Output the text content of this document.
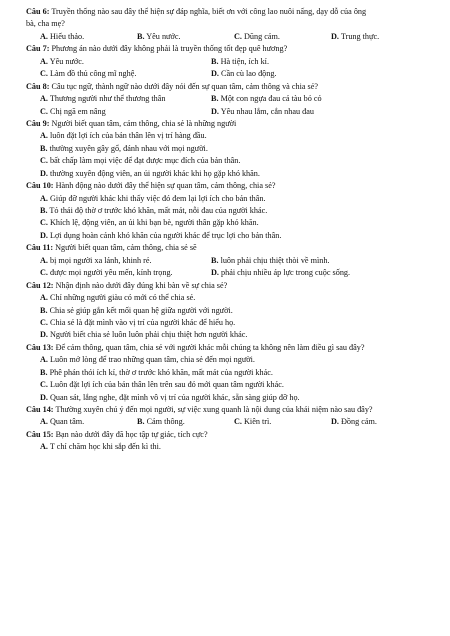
Câu 6: Truyền thống nào sau đây thể hiện sự đáp nghĩa, biết ơn với công lao nuôi nấng, dạy dỗ của ông
bà, cha mẹ?
A. Hiếu thảo.	B. Yêu nước.	C. Dũng cảm.	D. Trung thực.
Câu 7: Phương án nào dưới đây không phải là truyền thống tốt đẹp quê hương?
A. Yêu nước.	B. Hà tiện, ích kỉ.
C. Làm đồ thủ công mĩ nghệ.	D. Cần cù lao động.
Câu 8: Câu tục ngữ, thành ngữ nào dưới đây nói đến sự quan tâm, cảm thông và chia sẻ?
A. Thương người như thể thương thân	B. Một con ngựa đau cả tàu bỏ cỏ
C. Chị ngã em nâng	D. Yêu nhau lắm, cắn nhau đau
Câu 9: Người biết quan tâm, cảm thông, chia sẻ là những người
A. luôn đặt lợi ích của bản thân lên vị trí hàng đầu.
B. thường xuyên gây gổ, đánh nhau với mọi người.
C. bất chấp làm mọi việc để đạt được mục đích của bản thân.
D. thường xuyên động viên, an ủi người khác khi họ gặp khó khăn.
Câu 10: Hành động nào dưới đây thể hiện sự quan tâm, cảm thông, chia sẻ?
A. Giúp đỡ người khác khi thấy việc đó đem lại lợi ích cho bản thân.
B. Tỏ thái độ thờ ơ trước khó khăn, mất mát, nỗi đau của người khác.
C. Khích lệ, động viên, an ủi khi bạn bè, người thân gặp khó khăn.
D. Lợi dụng hoàn cảnh khó khăn của người khác để trục lợi cho bản thân.
Câu 11: Người biết quan tâm, cảm thông, chia sẻ sẽ
A. bị mọi người xa lánh, khinh rẻ.	B. luôn phải chịu thiệt thòi về mình.
C. được mọi người yêu mến, kính trọng.	D. phải chịu nhiều áp lực trong cuộc sống.
Câu 12: Nhận định nào dưới đây đúng khi bàn về sự chia sẻ?
A. Chỉ những người giàu có mới có thể chia sẻ.
B. Chia sẻ giúp gắn kết mối quan hệ giữa người với người.
C. Chia sẻ là đặt mình vào vị trí của người khác để hiểu họ.
D. Người biết chia sẻ luôn luôn phải chịu thiệt hơn người khác.
Câu 13: Để cảm thông, quan tâm, chia sẻ với người khác mỗi chúng ta không nên làm điều gì sau đây?
A. Luôn mở lòng để trao những quan tâm, chia sẻ đến mọi người.
B. Phê phán thói ích kỉ, thờ ơ trước khó khăn, mất mát của người khác.
C. Luôn đặt lợi ích của bản thân lên trên sau đó mới quan tâm người khác.
D. Quan sát, lắng nghe, đặt mình vô vị trí của người khác, sẵn sàng giúp đỡ họ.
Câu 14: Thường xuyên chú ý đến mọi người, sự việc xung quanh là nội dung của khái niệm nào sau đây?
A. Quan tâm.	B. Cảm thông.	C. Kiên trì.	D. Đồng cảm.
Câu 15: Bạn nào dưới đây đã học tập tự giác, tích cực?
A. T chỉ chăm học khi sắp đến kì thi.
